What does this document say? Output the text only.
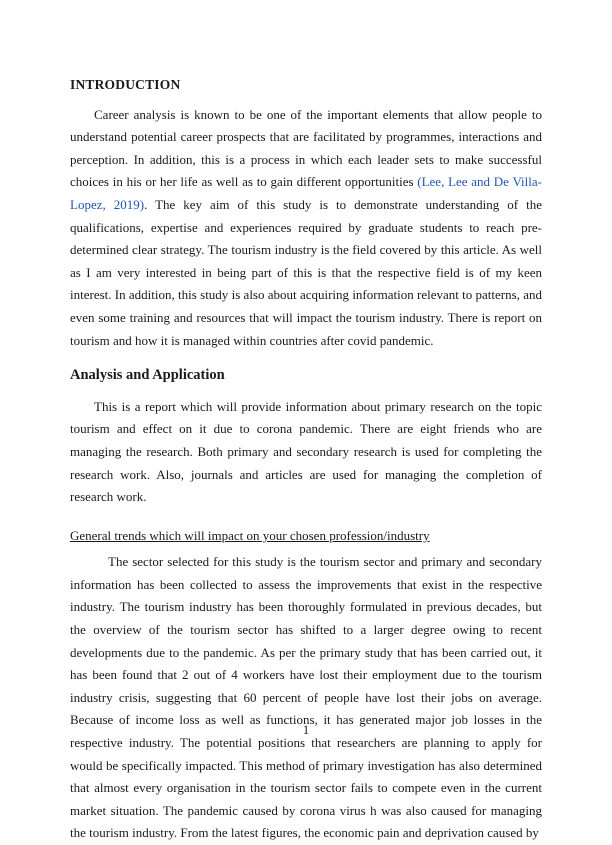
INTRODUCTION

Career analysis is known to be one of the important elements that allow people to understand potential career prospects that are facilitated by programmes, interactions and perception. In addition, this is a process in which each leader sets to make successful choices in his or her life as well as to gain different opportunities (Lee, Lee and De Villa-Lopez, 2019). The key aim of this study is to demonstrate understanding of the qualifications, expertise and experiences required by graduate students to reach pre-determined clear strategy. The tourism industry is the field covered by this article. As well as I am very interested in being part of this is that the respective field is of my keen interest. In addition, this study is also about acquiring information relevant to patterns, and even some training and resources that will impact the tourism industry. There is report on tourism and how it is managed within countries after covid pandemic.

Analysis and Application

This is a report which will provide information about primary research on the topic tourism and effect on it due to corona pandemic. There are eight friends who are managing the research. Both primary and secondary research is used for completing the research work. Also, journals and articles are used for managing the completion of research work.

General trends which will impact on your chosen profession/industry

The sector selected for this study is the tourism sector and primary and secondary information has been collected to assess the improvements that exist in the respective industry. The tourism industry has been thoroughly formulated in previous decades, but the overview of the tourism sector has shifted to a larger degree owing to recent developments due to the pandemic. As per the primary study that has been carried out, it has been found that 2 out of 4 workers have lost their employment due to the tourism industry crisis, suggesting that 60 percent of people have lost their jobs on average. Because of income loss as well as functions, it has generated major job losses in the respective industry. The potential positions that researchers are planning to apply for would be specifically impacted. This method of primary investigation has also determined that almost every organisation in the tourism sector fails to compete even in the current market situation. The pandemic caused by corona virus h was also caused for managing the tourism industry. From the latest figures, the economic pain and deprivation caused by

1
